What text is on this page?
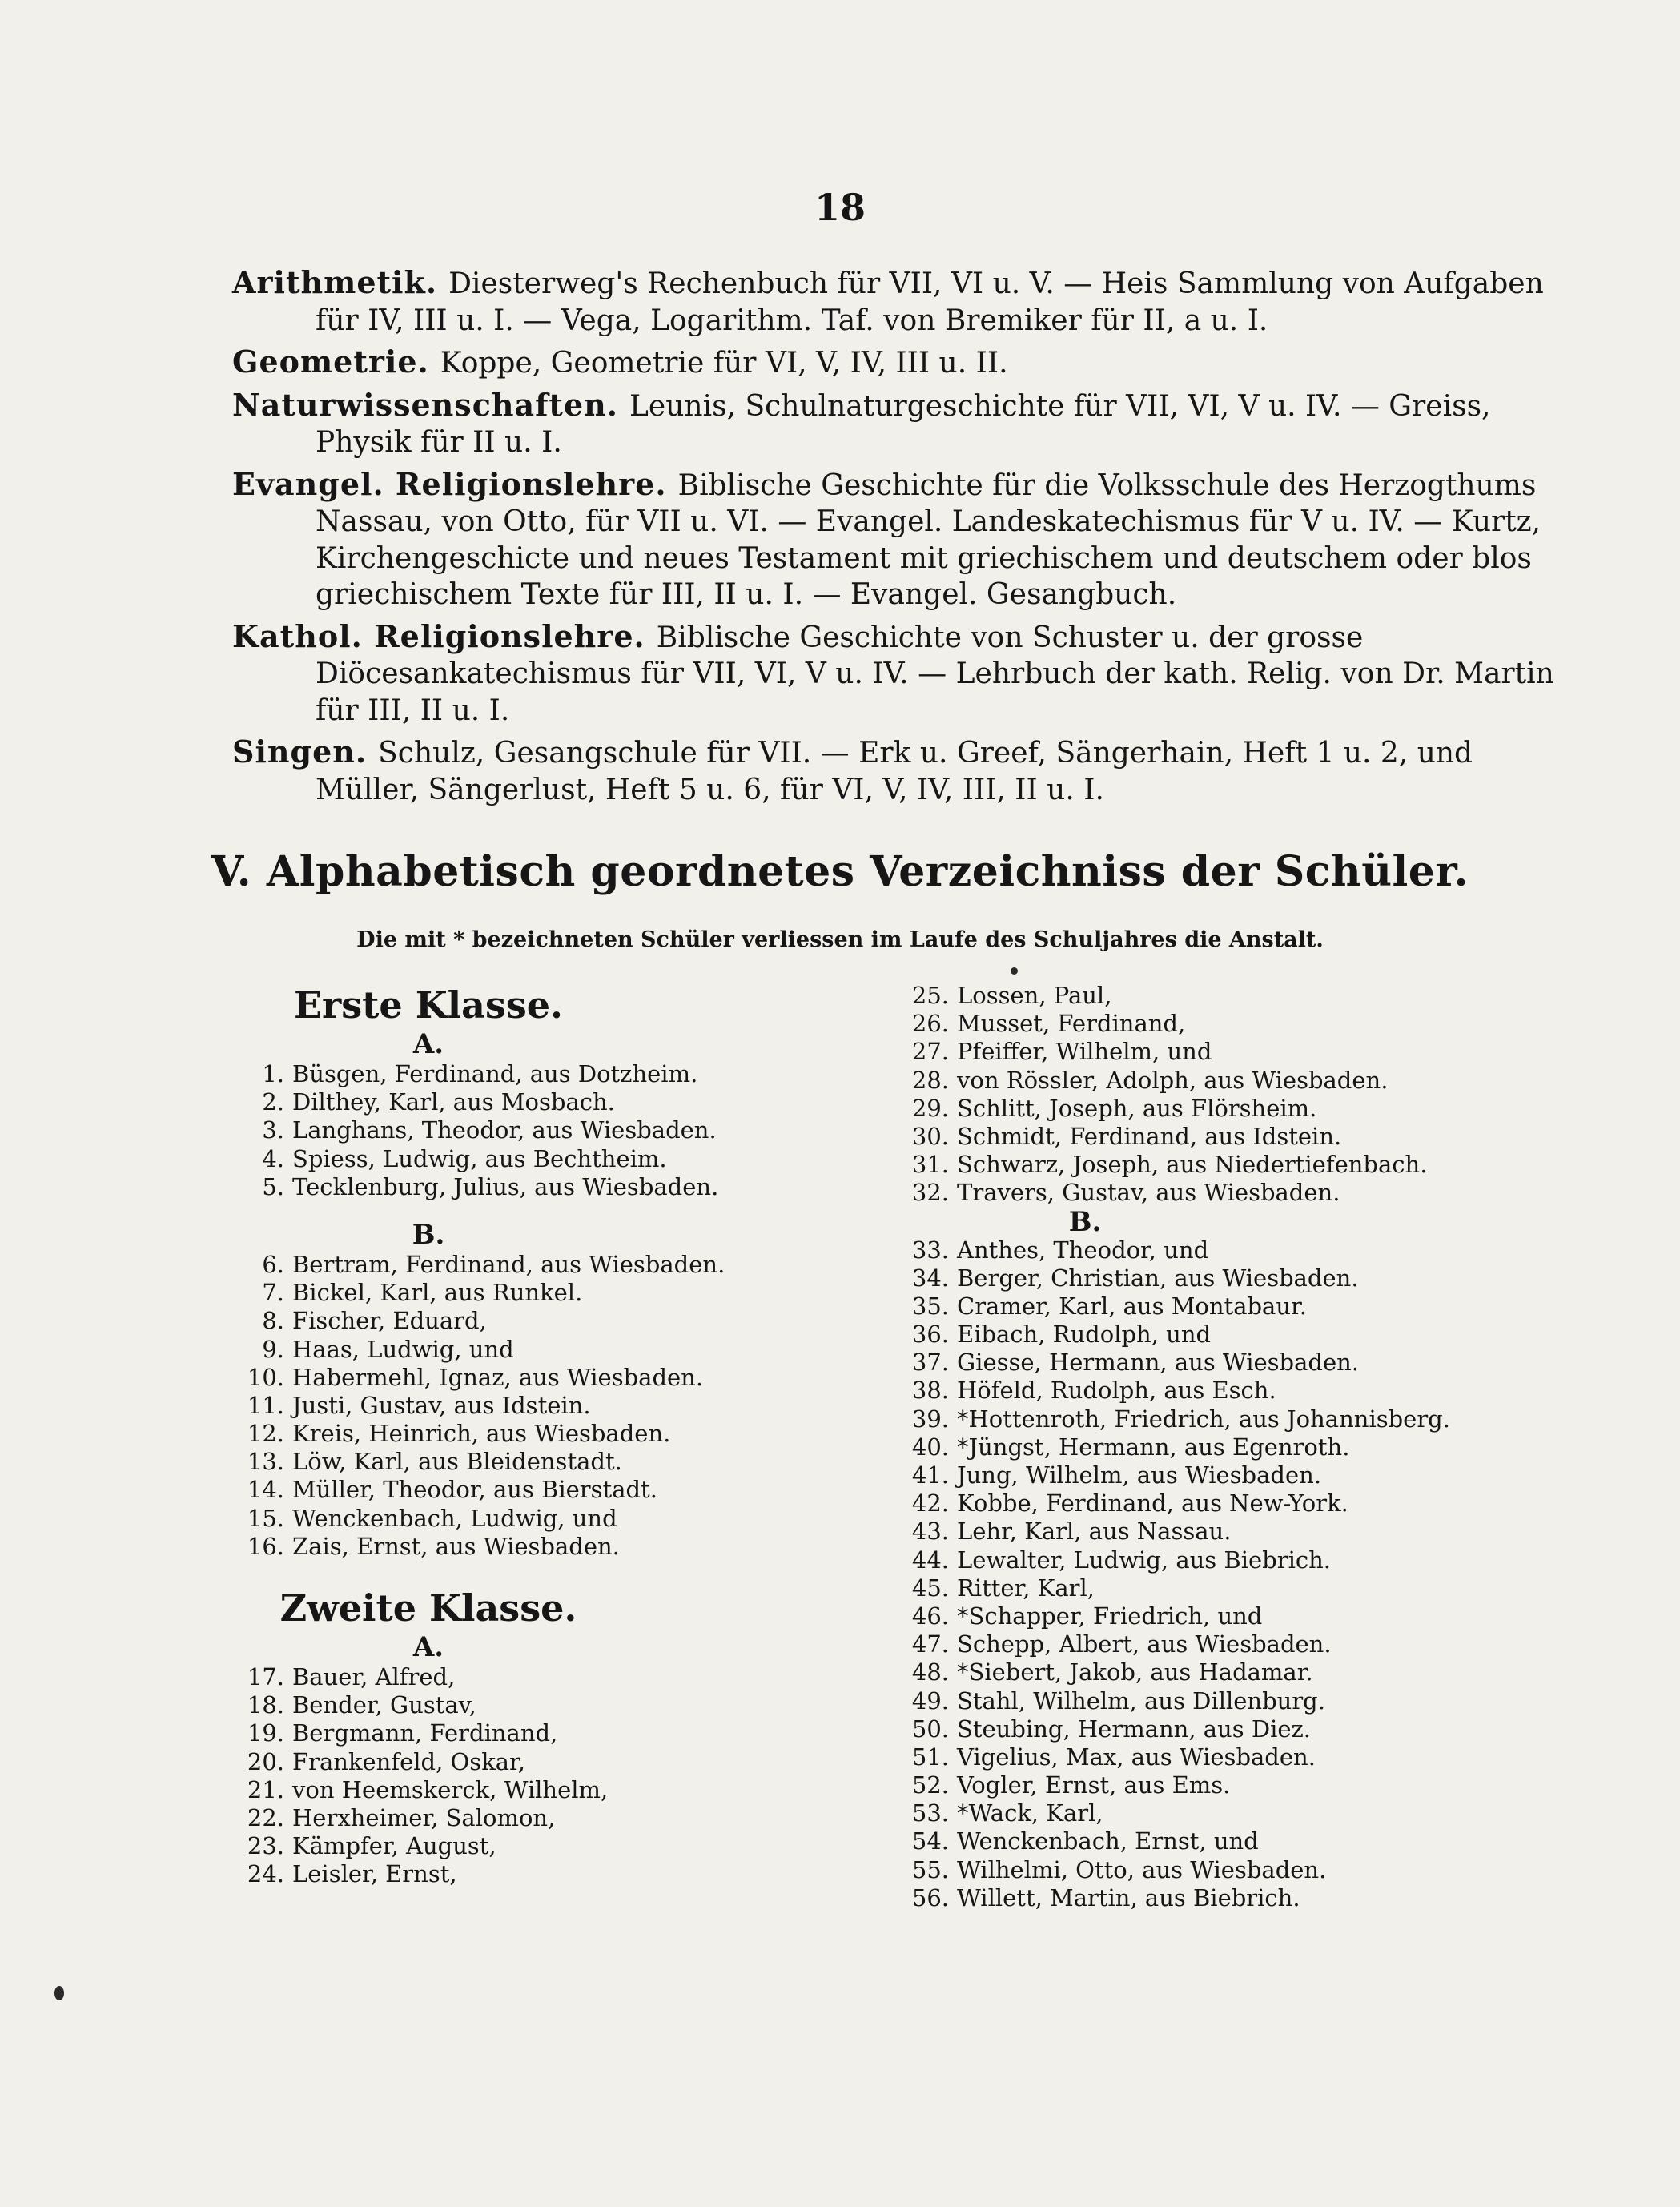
18

Arithmetik. Diesterweg's Rechenbuch für VII, VI u. V. — Heis Sammlung von Aufgaben für IV, III u. I. — Vega, Logarithm. Taf. von Bremiker für II, a u. I.

Geometrie. Koppe, Geometrie für VI, V, IV, III u. II.

Naturwissenschaften. Leunis, Schulnaturgeschichte für VII, VI, V u. IV. — Greiss, Physik für II u. I.

Evangel. Religionslehre. Biblische Geschichte für die Volksschule des Herzogthums Nassau, von Otto, für VII u. VI. — Evangel. Landeskatechismus für V u. IV. — Kurtz, Kirchengeschicte und neues Testament mit griechischem und deutschem oder blos griechischem Texte für III, II u. I. — Evangel. Gesangbuch.

Kathol. Religionslehre. Biblische Geschichte von Schuster u. der grosse Diöcesankatechismus für VII, VI, V u. IV. — Lehrbuch der kath. Relig. von Dr. Martin für III, II u. I.

Singen. Schulz, Gesangschule für VII. — Erk u. Greef, Sängerhain, Heft 1 u. 2, und Müller, Sängerlust, Heft 5 u. 6, für VI, V, IV, III, II u. I.

V. Alphabetisch geordnetes Verzeichniss der Schüler.
Die mit * bezeichneten Schüler verliessen im Laufe des Schuljahres die Anstalt.
Erste Klasse.
A.
1. Büsgen, Ferdinand, aus Dotzheim.
2. Dilthey, Karl, aus Mosbach.
3. Langhans, Theodor, aus Wiesbaden.
4. Spiess, Ludwig, aus Bechtheim.
5. Tecklenburg, Julius, aus Wiesbaden.
B.
6. Bertram, Ferdinand, aus Wiesbaden.
7. Bickel, Karl, aus Runkel.
8. Fischer, Eduard,
9. Haas, Ludwig, und
10. Habermehl, Ignaz, aus Wiesbaden.
11. Justi, Gustav, aus Idstein.
12. Kreis, Heinrich, aus Wiesbaden.
13. Löw, Karl, aus Bleidenstadt.
14. Müller, Theodor, aus Bierstadt.
15. Wenckenbach, Ludwig, und
16. Zais, Ernst, aus Wiesbaden.
Zweite Klasse.
A.
17. Bauer, Alfred,
18. Bender, Gustav,
19. Bergmann, Ferdinand,
20. Frankenfeld, Oskar,
21. von Heemskerck, Wilhelm,
22. Herxheimer, Salomon,
23. Kämpfer, August,
24. Leisler, Ernst,
25. Lossen, Paul,
26. Musset, Ferdinand,
27. Pfeiffer, Wilhelm, und
28. von Rössler, Adolph, aus Wiesbaden.
29. Schlitt, Joseph, aus Flörsheim.
30. Schmidt, Ferdinand, aus Idstein.
31. Schwarz, Joseph, aus Niedertiefenbach.
32. Travers, Gustav, aus Wiesbaden.
B.
33. Anthes, Theodor, und
34. Berger, Christian, aus Wiesbaden.
35. Cramer, Karl, aus Montabaur.
36. Eibach, Rudolph, und
37. Giesse, Hermann, aus Wiesbaden.
38. Höfeld, Rudolph, aus Esch.
39. *Hottenroth, Friedrich, aus Johannisberg.
40. *Jüngst, Hermann, aus Egenroth.
41. Jung, Wilhelm, aus Wiesbaden.
42. Kobbe, Ferdinand, aus New-York.
43. Lehr, Karl, aus Nassau.
44. Lewalter, Ludwig, aus Biebrich.
45. Ritter, Karl,
46. *Schapper, Friedrich, und
47. Schepp, Albert, aus Wiesbaden.
48. *Siebert, Jakob, aus Hadamar.
49. Stahl, Wilhelm, aus Dillenburg.
50. Steubing, Hermann, aus Diez.
51. Vigelius, Max, aus Wiesbaden.
52. Vogler, Ernst, aus Ems.
53. *Wack, Karl,
54. Wenckenbach, Ernst, und
55. Wilhelmi, Otto, aus Wiesbaden.
56. Willett, Martin, aus Biebrich.
